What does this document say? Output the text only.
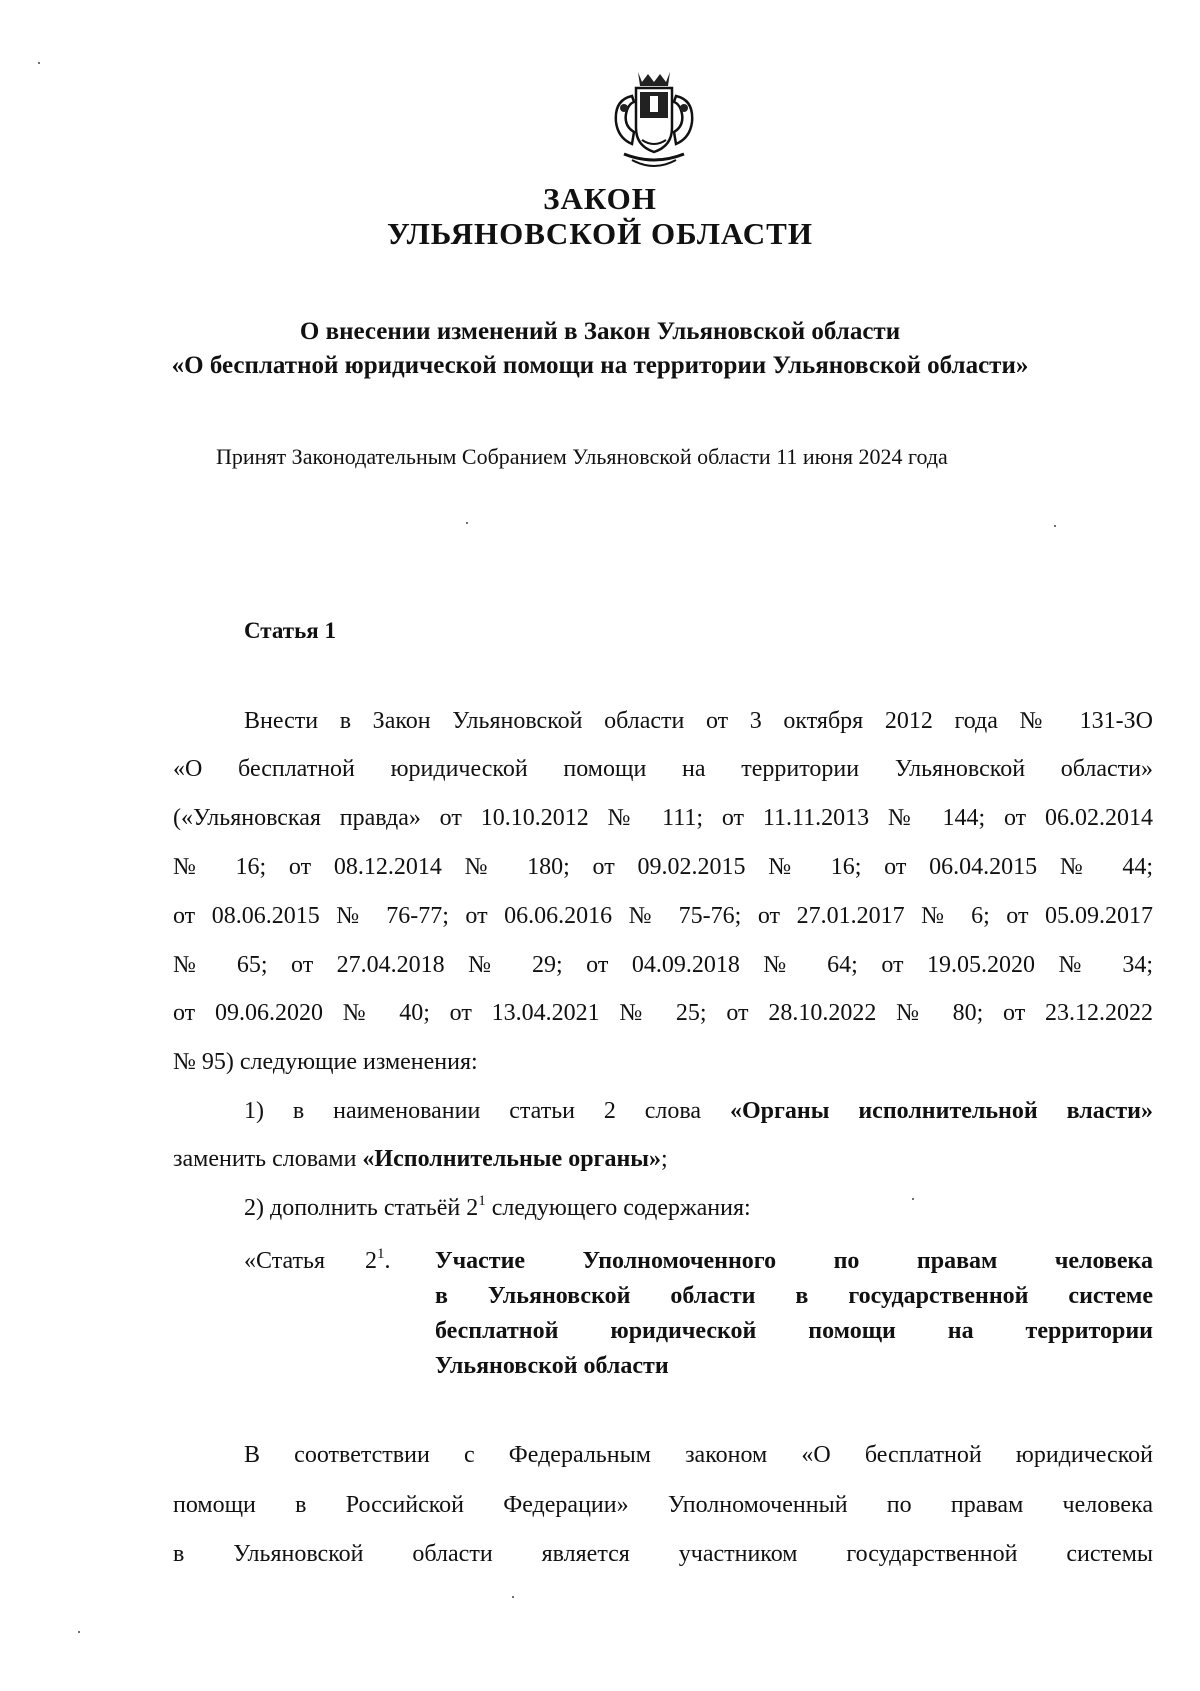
ЗАКОН
УЛЬЯНОВСКОЙ ОБЛАСТИ
О внесении изменений в Закон Ульяновской области
«О бесплатной юридической помощи на территории Ульяновской области»
Принят Законодательным Собранием Ульяновской области 11 июня 2024 года
Статья 1
Внести в Закон Ульяновской области от 3 октября 2012 года № 131-ЗО
«О бесплатной юридической помощи на территории Ульяновской области»
(«Ульяновская правда» от 10.10.2012 № 111; от 11.11.2013 № 144; от 06.02.2014
№ 16; от 08.12.2014 № 180; от 09.02.2015 № 16; от 06.04.2015 № 44;
от 08.06.2015 № 76-77; от 06.06.2016 № 75-76; от 27.01.2017 № 6; от 05.09.2017
№ 65; от 27.04.2018 № 29; от 04.09.2018 № 64; от 19.05.2020 № 34;
от 09.06.2020 № 40; от 13.04.2021 № 25; от 28.10.2022 № 80; от 23.12.2022
№ 95) следующие изменения:
1) в наименовании статьи 2 слова «Органы исполнительной власти»
заменить словами «Исполнительные органы»;
2) дополнить статьёй $2^1$ следующего содержания:
«Статья $2^1$. Участие Уполномоченного по правам человека
в Ульяновской области в государственной системе
бесплатной юридической помощи на территории
Ульяновской области
В соответствии с Федеральным законом «О бесплатной юридической
помощи в Российской Федерации» Уполномоченный по правам человека
в Ульяновской области является участником государственной системы
